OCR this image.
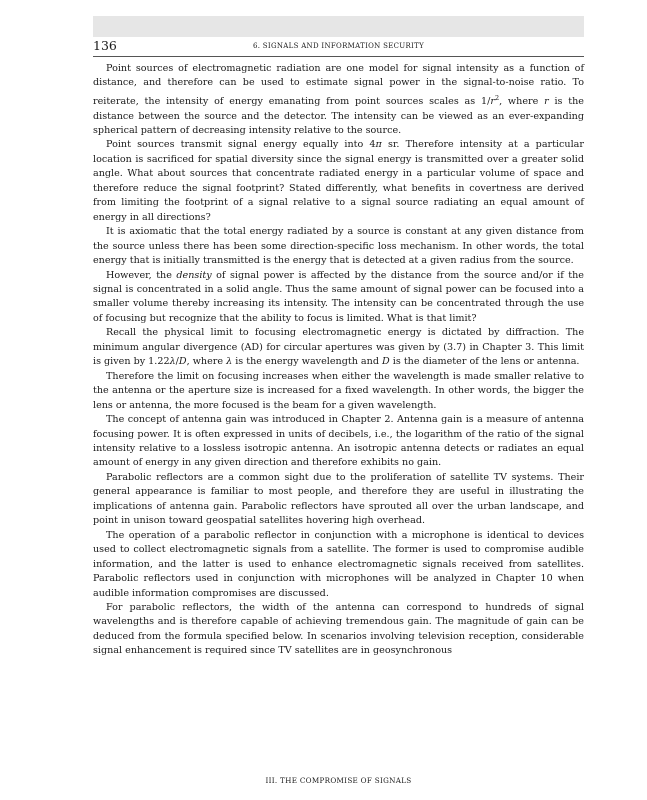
136	6. SIGNALS AND INFORMATION SECURITY

Point sources of electromagnetic radiation are one model for signal intensity as a function of distance, and therefore can be used to estimate signal power in the signal-to-noise ratio. To reiterate, the intensity of energy emanating from point sources scales as $1/r^2$, where r is the distance between the source and the detector. The intensity can be viewed as an ever-expanding spherical pattern of decreasing intensity relative to the source.

Point sources transmit signal energy equally into 4π sr. Therefore intensity at a particular location is sacrificed for spatial diversity since the signal energy is transmitted over a greater solid angle. What about sources that concentrate radiated energy in a particular volume of space and therefore reduce the signal footprint? Stated differently, what benefits in covertness are derived from limiting the footprint of a signal relative to a signal source radiating an equal amount of energy in all directions?

It is axiomatic that the total energy radiated by a source is constant at any given distance from the source unless there has been some direction-specific loss mechanism. In other words, the total energy that is initially transmitted is the energy that is detected at a given radius from the source.

However, the density of signal power is affected by the distance from the source and/or if the signal is concentrated in a solid angle. Thus the same amount of signal power can be focused into a smaller volume thereby increasing its intensity. The intensity can be concentrated through the use of focusing but recognize that the ability to focus is limited. What is that limit?

Recall the physical limit to focusing electromagnetic energy is dictated by diffraction. The minimum angular divergence (AD) for circular apertures was given by (3.7) in Chapter 3. This limit is given by 1.22λ/D, where λ is the energy wavelength and D is the diameter of the lens or antenna.

Therefore the limit on focusing increases when either the wavelength is made smaller relative to the antenna or the aperture size is increased for a fixed wavelength. In other words, the bigger the lens or antenna, the more focused is the beam for a given wavelength.

The concept of antenna gain was introduced in Chapter 2. Antenna gain is a measure of antenna focusing power. It is often expressed in units of decibels, i.e., the logarithm of the ratio of the signal intensity relative to a lossless isotropic antenna. An isotropic antenna detects or radiates an equal amount of energy in any given direction and therefore exhibits no gain.

Parabolic reflectors are a common sight due to the proliferation of satellite TV systems. Their general appearance is familiar to most people, and therefore they are useful in illustrating the implications of antenna gain. Parabolic reflectors have sprouted all over the urban landscape, and point in unison toward geospatial satellites hovering high overhead.

The operation of a parabolic reflector in conjunction with a microphone is identical to devices used to collect electromagnetic signals from a satellite. The former is used to compromise audible information, and the latter is used to enhance electromagnetic signals received from satellites. Parabolic reflectors used in conjunction with microphones will be analyzed in Chapter 10 when audible information compromises are discussed.

For parabolic reflectors, the width of the antenna can correspond to hundreds of signal wavelengths and is therefore capable of achieving tremendous gain. The magnitude of gain can be deduced from the formula specified below. In scenarios involving television reception, considerable signal enhancement is required since TV satellites are in geosynchronous

III. THE COMPROMISE OF SIGNALS
